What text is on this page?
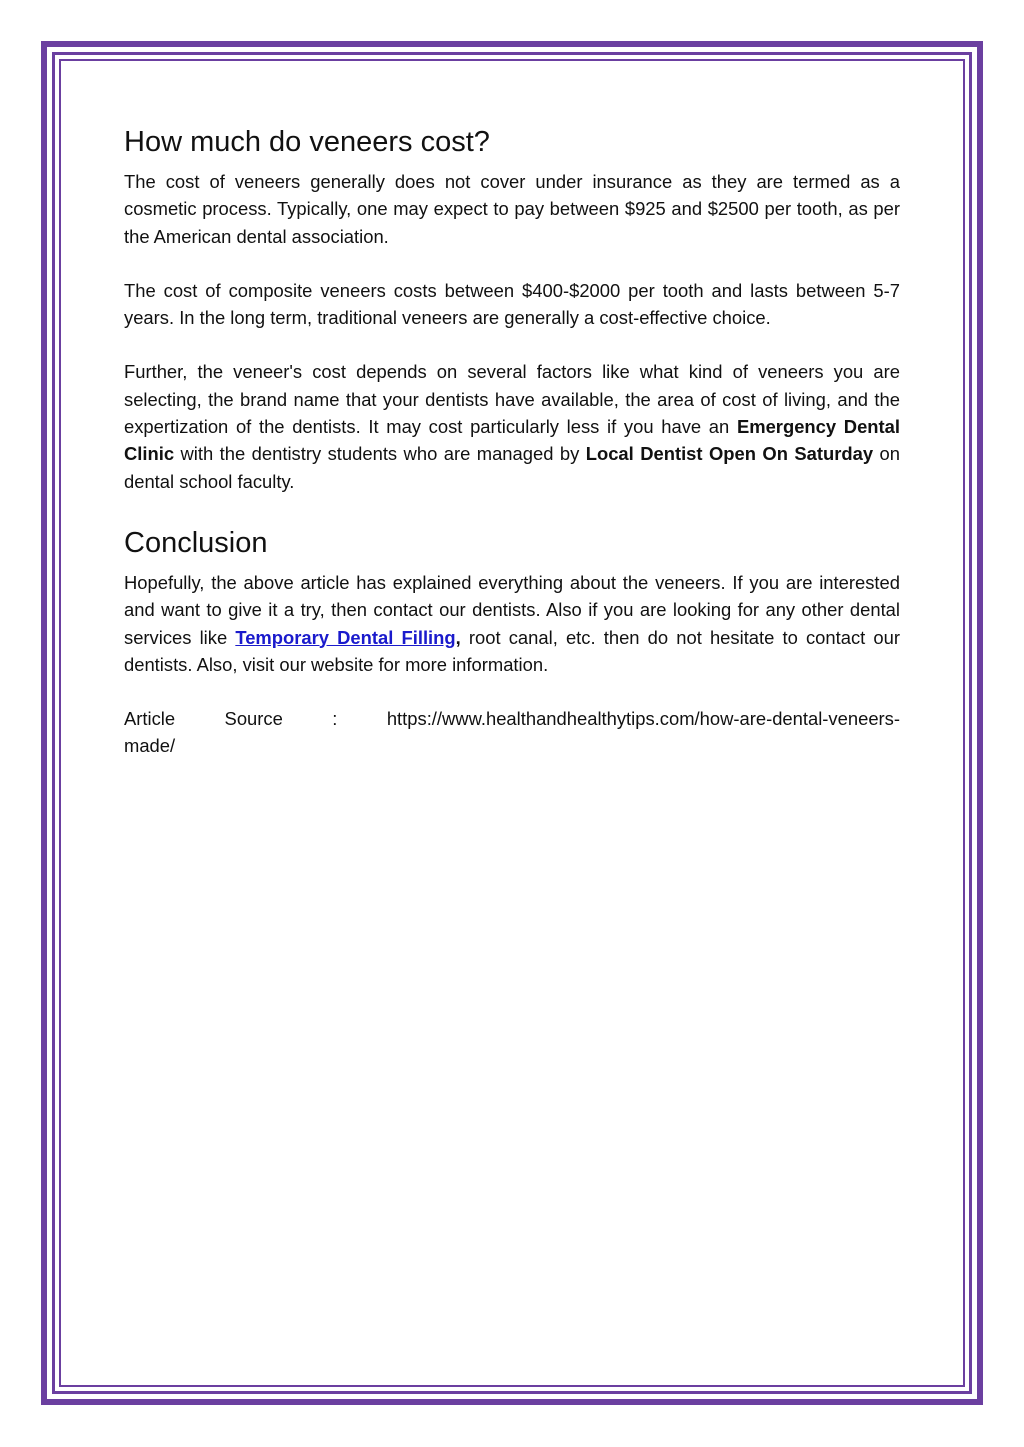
How much do veneers cost?

The cost of veneers generally does not cover under insurance as they are termed as a cosmetic process. Typically, one may expect to pay between $925 and $2500 per tooth, as per the American dental association.

The cost of composite veneers costs between $400-$2000 per tooth and lasts between 5-7 years. In the long term, traditional veneers are generally a cost-effective choice.

Further, the veneer's cost depends on several factors like what kind of veneers you are selecting, the brand name that your dentists have available, the area of cost of living, and the expertization of the dentists. It may cost particularly less if you have an Emergency Dental Clinic with the dentistry students who are managed by Local Dentist Open On Saturday on dental school faculty.

Conclusion

Hopefully, the above article has explained everything about the veneers. If you are interested and want to give it a try, then contact our dentists. Also if you are looking for any other dental services like Temporary Dental Filling, root canal, etc. then do not hesitate to contact our dentists. Also, visit our website for more information.

Article	Source	:	https://www.healthandhealthytips.com/how-are-dental-veneers-
made/
